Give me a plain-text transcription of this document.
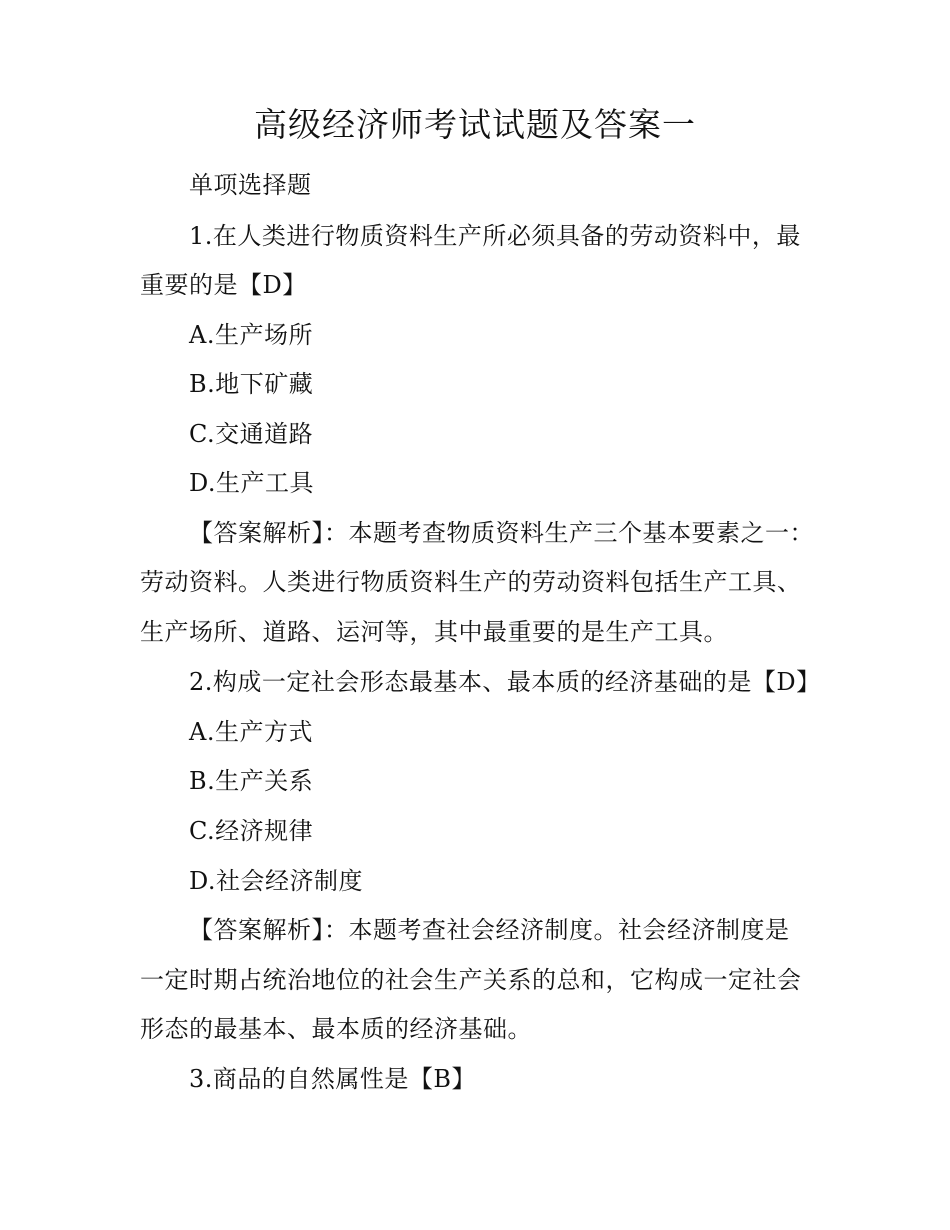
高级经济师考试试题及答案一
单项选择题
1.在人类进行物质资料生产所必须具备的劳动资料中，最
重要的是【D】
A.生产场所
B.地下矿藏
C.交通道路
D.生产工具
【答案解析】：本题考查物质资料生产三个基本要素之一：
劳动资料。人类进行物质资料生产的劳动资料包括生产工具、
生产场所、道路、运河等，其中最重要的是生产工具。
2.构成一定社会形态最基本、最本质的经济基础的是【D】
A.生产方式
B.生产关系
C.经济规律
D.社会经济制度
【答案解析】：本题考查社会经济制度。社会经济制度是
一定时期占统治地位的社会生产关系的总和，它构成一定社会
形态的最基本、最本质的经济基础。
3.商品的自然属性是【B】
